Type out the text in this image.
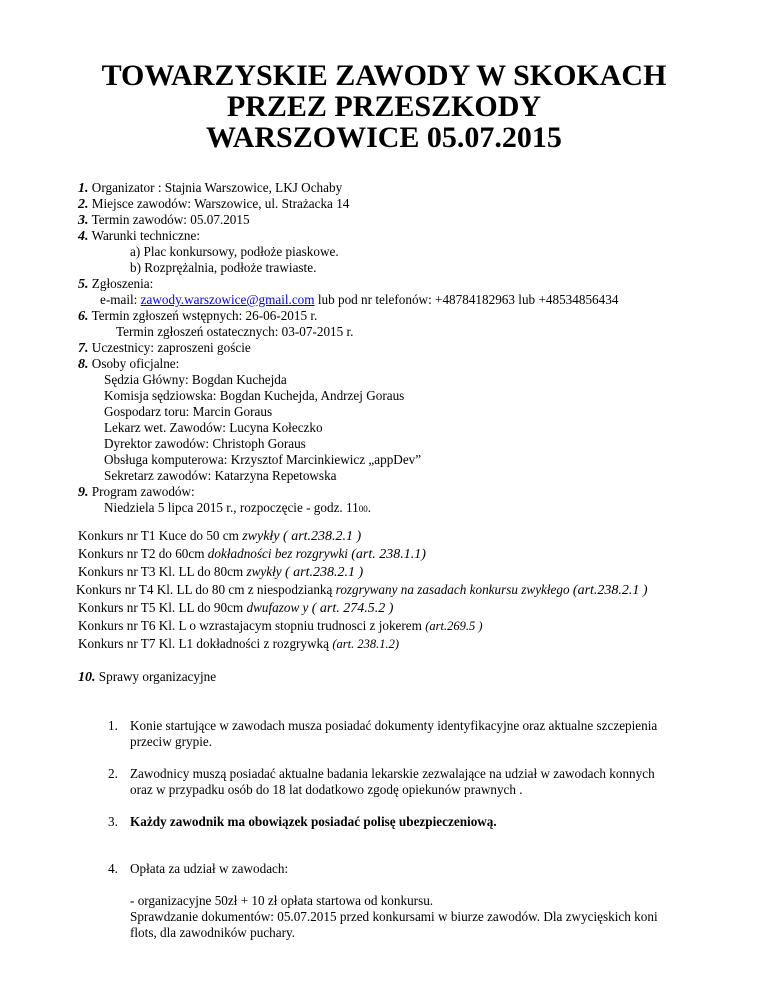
TOWARZYSKIE ZAWODY W SKOKACH
PRZEZ PRZESZKODY
WARSZOWICE 05.07.2015
1. Organizator : Stajnia Warszowice, LKJ Ochaby
2. Miejsce zawodów: Warszowice, ul. Strażacka 14
3. Termin zawodów: 05.07.2015
4. Warunki techniczne:
a) Plac konkursowy, podłoże piaskowe.
b) Rozprężalnia, podłoże trawiaste.
5. Zgłoszenia:
e-mail: zawody.warszowice@gmail.com lub pod nr telefonów: +48784182963 lub +48534856434
6. Termin zgłoszeń wstępnych: 26-06-2015 r.
Termin zgłoszeń ostatecznych: 03-07-2015 r.
7. Uczestnicy: zaproszeni goście
8. Osoby oficjalne:
Sędzia Główny: Bogdan Kuchejda
Komisja sędziowska: Bogdan Kuchejda, Andrzej Goraus
Gospodarz toru: Marcin Goraus
Lekarz wet. Zawodów: Lucyna Kołeczko
Dyrektor zawodów: Christoph Goraus
Obsługa komputerowa: Krzysztof Marcinkiewicz „appDev”
Sekretarz zawodów: Katarzyna Repetowska
9. Program zawodów:
Niedziela 5 lipca 2015 r., rozpoczęcie - godz. 1100.
Konkurs nr T1 Kuce do 50 cm zwykły ( art.238.2.1 )
Konkurs nr T2 do 60cm dokładności bez rozgrywki (art. 238.1.1)
Konkurs nr T3 Kl. LL do 80cm zwykły ( art.238.2.1 )
Konkurs nr T4 Kl. LL do 80 cm z niespodzianką rozgrywany na zasadach konkursu zwykłego (art.238.2.1 )
Konkurs nr T5 Kl. LL do 90cm dwufazow y ( art. 274.5.2 )
Konkurs nr T6 Kl. L o wzrastajacym stopniu trudnosci z jokerem (art.269.5 )
Konkurs nr T7 Kl. L1 dokładności z rozgrywką (art. 238.1.2)
10. Sprawy organizacyjne
1. Konie startujące w zawodach musza posiadać dokumenty identyfikacyjne oraz aktualne szczepienia
przeciw grypie.
2. Zawodnicy muszą posiadać aktualne badania lekarskie zezwalające na udział w zawodach konnych
oraz w przypadku osób do 18 lat dodatkowo zgodę opiekunów prawnych .
3. Każdy zawodnik ma obowiązek posiadać polisę ubezpieczeniową.
4. Opłata za udział w zawodach:
- organizacyjne 50zł + 10 zł opłata startowa od konkursu.
Sprawdzanie dokumentów: 05.07.2015 przed konkursami w biurze zawodów. Dla zwycięskich koni
flots, dla zawodników puchary.
